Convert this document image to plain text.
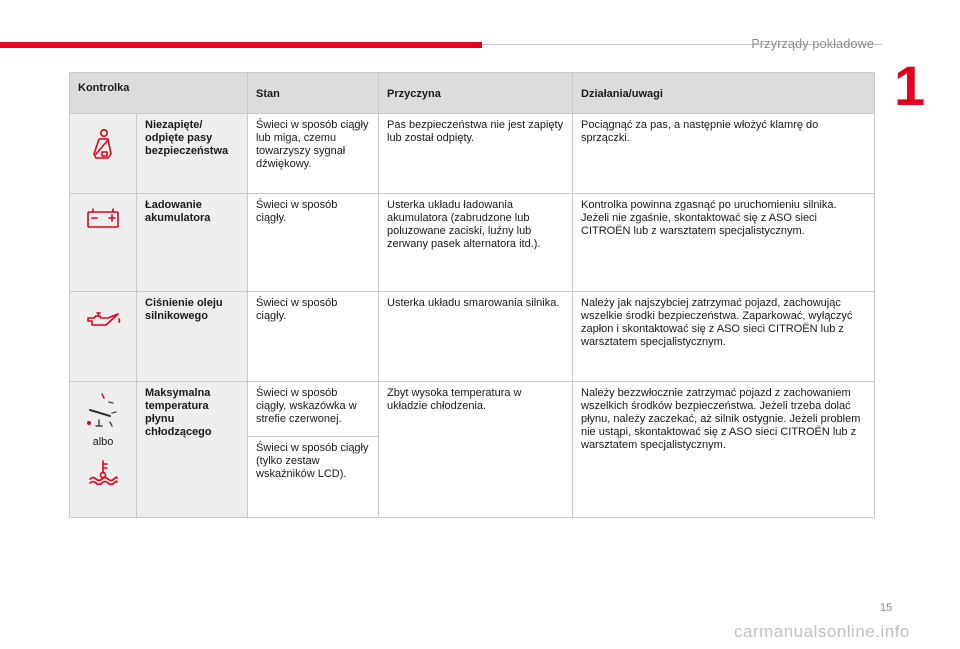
Przyrządy pokładowe
1
Kontrolka		Stan	Przyczyna	Działania/uwagi

	Niezapięte/ odpięte pasy bezpieczeństwa	Świeci w sposób ciągły lub miga, czemu towarzyszy sygnał dźwiękowy.	Pas bezpieczeństwa nie jest zapięty lub został odpięty.	Pociągnąć za pas, a następnie włożyć klamrę do sprzączki.

	Ładowanie akumulatora	Świeci w sposób ciągły.	Usterka układu ładowania akumulatora (zabrudzone lub poluzowane zaciski, luźny lub zerwany pasek alternatora itd.).	Kontrolka powinna zgasnąć po uruchomieniu silnika. Jeżeli nie zgaśnie, skontaktować się z ASO sieci CITROËN lub z warsztatem specjalistycznym.

	Ciśnienie oleju silnikowego	Świeci w sposób ciągły.	Usterka układu smarowania silnika.	Należy jak najszybciej zatrzymać pojazd, zachowując wszelkie środki bezpieczeństwa. Zaparkować, wyłączyć zapłon i skontaktować się z ASO sieci CITROËN lub z warsztatem specjalistycznym.

albo	Maksymalna temperatura płynu chłodzącego	Świeci w sposób ciągły, wskazówka w strefie czerwonej.	Zbyt wysoka temperatura w układzie chłodzenia.	Należy bezzwłocznie zatrzymać pojazd z zachowaniem wszelkich środków bezpieczeństwa. Jeżeli trzeba dolać płynu, należy zaczekać, aż silnik ostygnie. Jeżeli problem nie ustąpi, skontaktować się z ASO sieci CITROËN lub z warsztatem specjalistycznym.
		Świeci w sposób ciągły (tylko zestaw wskaźników LCD).		
15
carmanualsonline.info
